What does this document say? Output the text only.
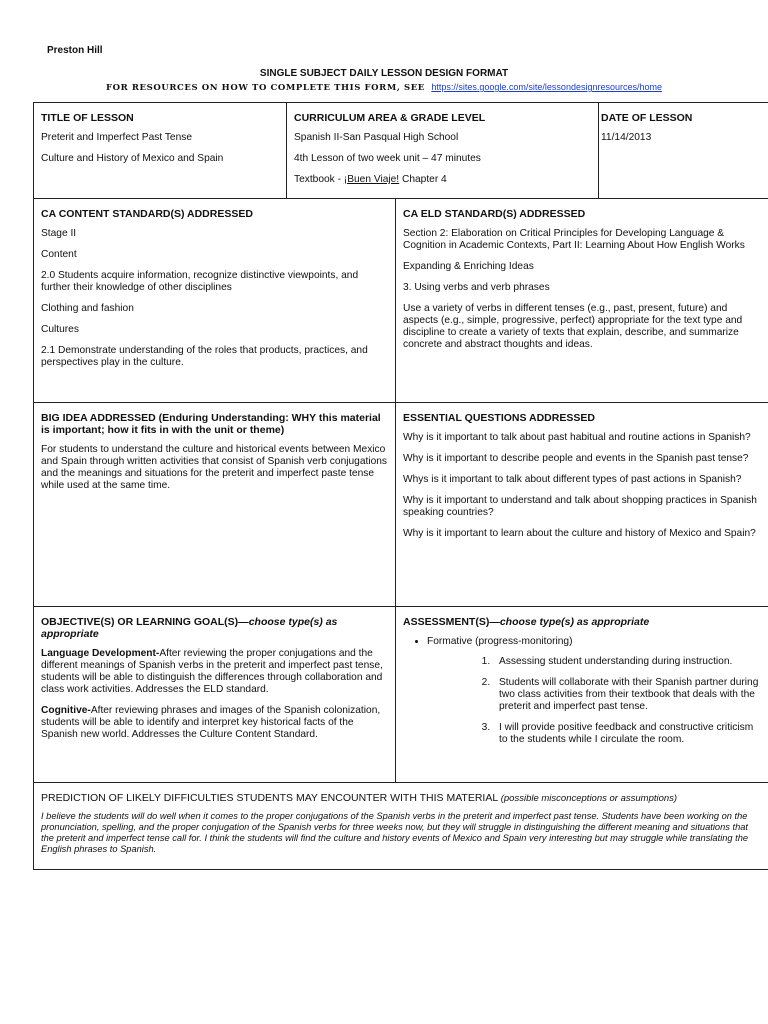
Preston Hill
SINGLE SUBJECT DAILY LESSON DESIGN FORMAT
FOR RESOURCES ON HOW TO COMPLETE THIS FORM, SEE https://sites.google.com/site/lessondesignresources/home
TITLE OF LESSON

Preterit and Imperfect Past Tense

Culture and History of Mexico and Spain

CURRICULUM AREA & GRADE LEVEL

Spanish II-San Pasqual High School

4th Lesson of two week unit – 47 minutes

Textbook - ¡Buen Viaje! Chapter 4

DATE OF LESSON

11/14/2013

CA CONTENT STANDARD(S) ADDRESSED

Stage II

Content

2.0 Students acquire information, recognize distinctive viewpoints, and further their knowledge of other disciplines

Clothing and fashion

Cultures

2.1 Demonstrate understanding of the roles that products, practices, and perspectives play in the culture.

CA ELD STANDARD(S) ADDRESSED

Section 2: Elaboration on Critical Principles for Developing Language & Cognition in Academic Contexts, Part II: Learning About How English Works

Expanding & Enriching Ideas

3. Using verbs and verb phrases

Use a variety of verbs in different tenses (e.g., past, present, future) and aspects (e.g., simple, progressive, perfect) appropriate for the text type and discipline to create a variety of texts that explain, describe, and summarize concrete and abstract thoughts and ideas.

BIG IDEA ADDRESSED (Enduring Understanding: WHY this material is important; how it fits in with the unit or theme)

For students to understand the culture and historical events between Mexico and Spain through written activities that consist of Spanish verb conjugations and the meanings and situations for the preterit and imperfect paste tense while used at the same time.

ESSENTIAL QUESTIONS ADDRESSED

Why is it important to talk about past habitual and routine actions in Spanish?

Why is it important to describe people and events in the Spanish past tense?

Whys is it important to talk about different types of past actions in Spanish?

Why is it important to understand and talk about shopping practices in Spanish speaking countries?

Why is it important to learn about the culture and history of Mexico and Spain?

OBJECTIVE(S) OR LEARNING GOAL(S)—choose type(s) as appropriate

Language Development-After reviewing the proper conjugations and the different meanings of Spanish verbs in the preterit and imperfect past tense, students will be able to distinguish the differences through collaboration and class work activities. Addresses the ELD standard.

Cognitive-After reviewing phrases and images of the Spanish colonization, students will be able to identify and interpret key historical facts of the Spanish new world. Addresses the Culture Content Standard.

ASSESSMENT(S)—choose type(s) as appropriate
• Formative (progress-monitoring)
1. Assessing student understanding during instruction.
2. Students will collaborate with their Spanish partner during two class activities from their textbook that deals with the preterit and imperfect past tense.
3. I will provide positive feedback and constructive criticism to the students while I circulate the room.
PREDICTION OF LIKELY DIFFICULTIES STUDENTS MAY ENCOUNTER WITH THIS MATERIAL (possible misconceptions or assumptions)
I believe the students will do well when it comes to the proper conjugations of the Spanish verbs in the preterit and imperfect past tense. Students have been working on the pronunciation, spelling, and the proper conjugation of the Spanish verbs for three weeks now, but they will struggle in distinguishing the different meaning and situations that the preterit and imperfect tense call for. I think the students will find the culture and history events of Mexico and Spain very interesting but may struggle while translating the English phrases to Spanish.
